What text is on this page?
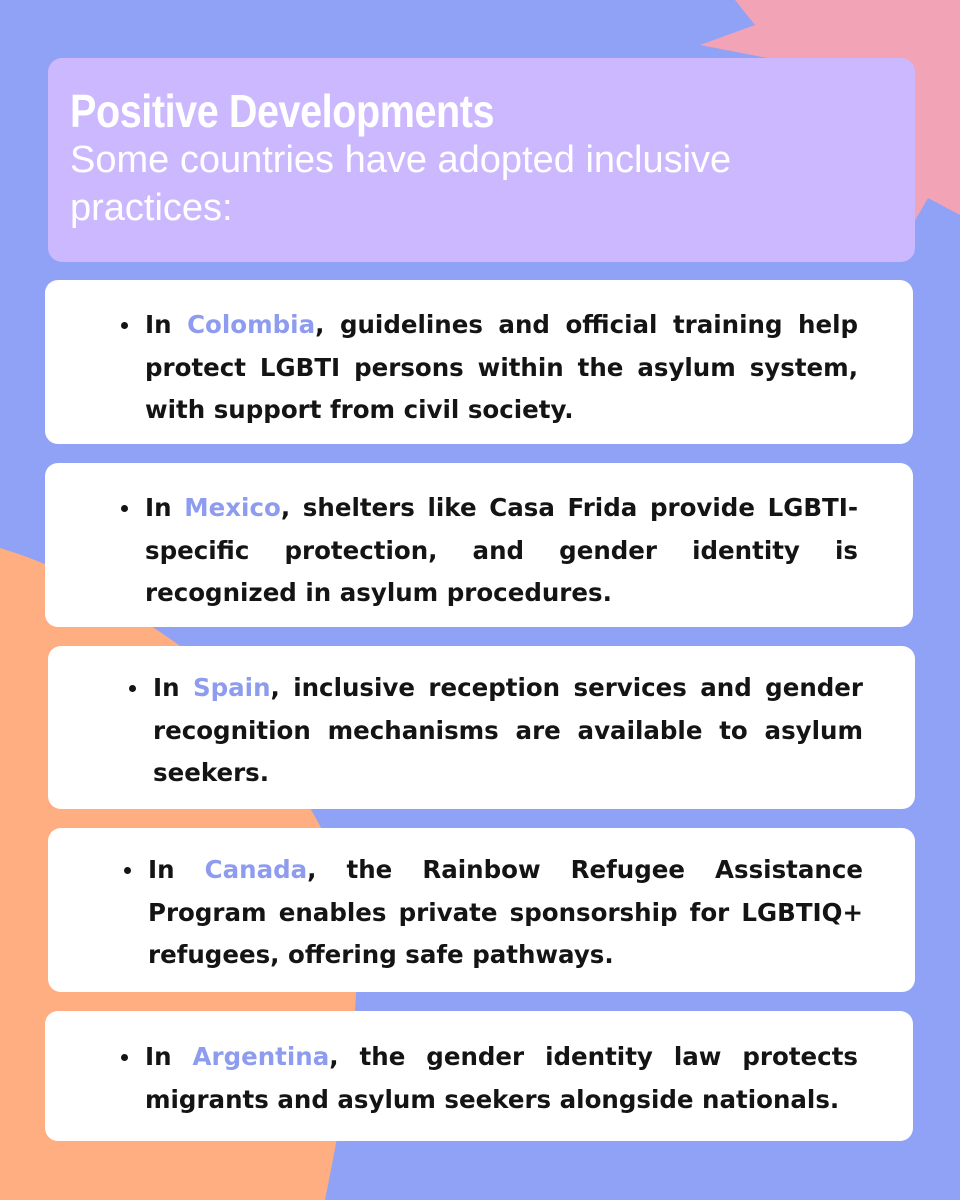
Positive Developments
Some countries have adopted inclusive practices:
In Colombia, guidelines and official training help protect LGBTI persons within the asylum system, with support from civil society.
In Mexico, shelters like Casa Frida provide LGBTI-specific protection, and gender identity is recognized in asylum procedures.
In Spain, inclusive reception services and gender recognition mechanisms are available to asylum seekers.
In Canada, the Rainbow Refugee Assistance Program enables private sponsorship for LGBTIQ+ refugees, offering safe pathways.
In Argentina, the gender identity law protects migrants and asylum seekers alongside nationals.
